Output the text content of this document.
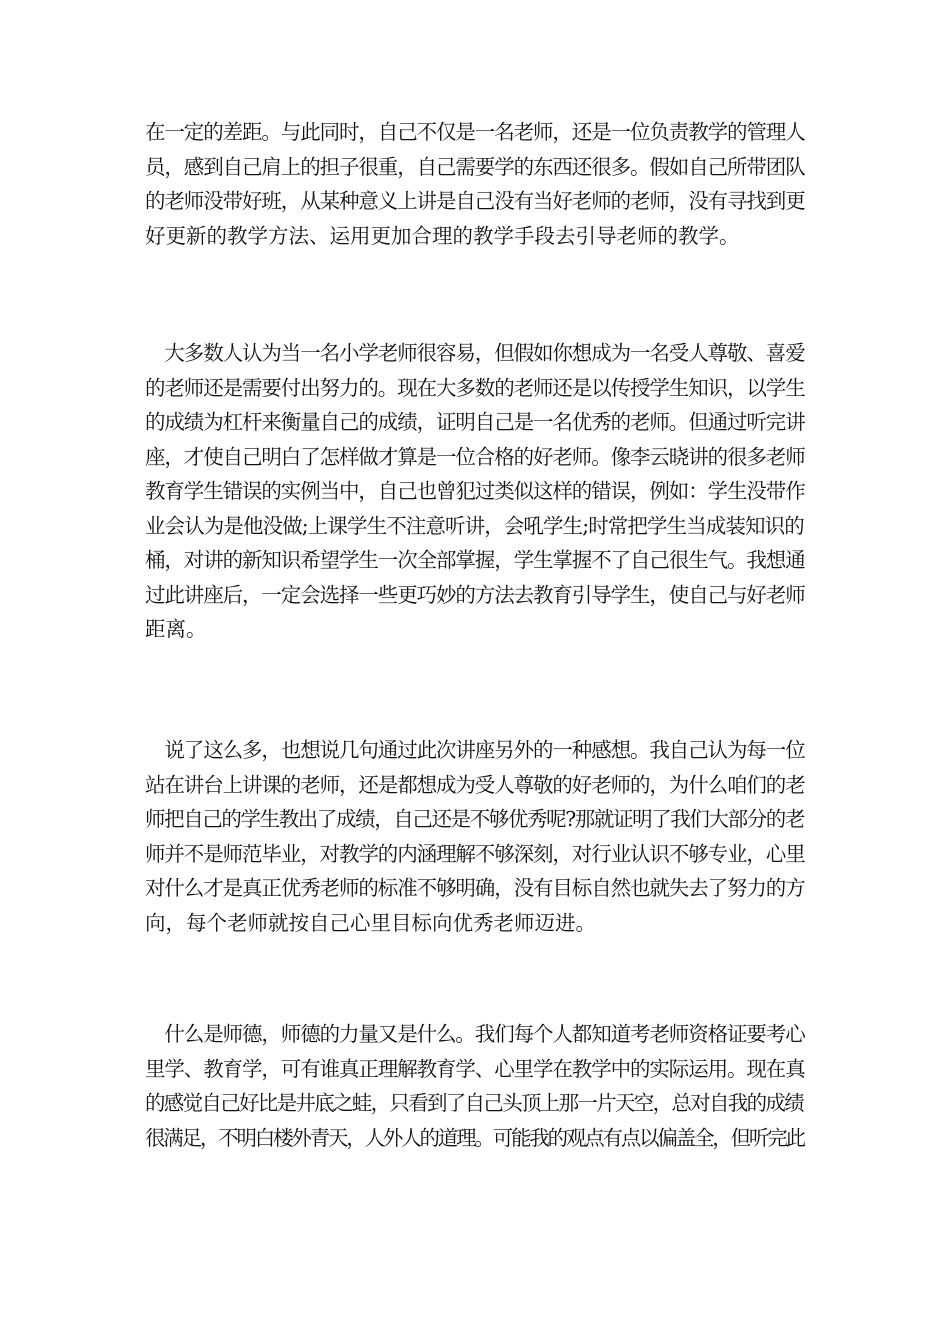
在一定的差距。与此同时，自己不仅是一名老师，还是一位负责教学的管理人
员，感到自己肩上的担子很重，自己需要学的东西还很多。假如自己所带团队
的老师没带好班，从某种意义上讲是自己没有当好老师的老师，没有寻找到更
好更新的教学方法、运用更加合理的教学手段去引导老师的教学。

　大多数人认为当一名小学老师很容易，但假如你想成为一名受人尊敬、喜爱
的老师还是需要付出努力的。现在大多数的老师还是以传授学生知识，以学生
的成绩为杠杆来衡量自己的成绩，证明自己是一名优秀的老师。但通过听完讲
座，才使自己明白了怎样做才算是一位合格的好老师。像李云晓讲的很多老师
教育学生错误的实例当中，自己也曾犯过类似这样的错误，例如：学生没带作
业会认为是他没做;上课学生不注意听讲，会吼学生;时常把学生当成装知识的
桶，对讲的新知识希望学生一次全部掌握，学生掌握不了自己很生气。我想通
过此讲座后，一定会选择一些更巧妙的方法去教育引导学生，使自己与好老师
距离。

　说了这么多，也想说几句通过此次讲座另外的一种感想。我自己认为每一位
站在讲台上讲课的老师，还是都想成为受人尊敬的好老师的，为什么咱们的老
师把自己的学生教出了成绩，自己还是不够优秀呢?那就证明了我们大部分的老
师并不是师范毕业，对教学的内涵理解不够深刻，对行业认识不够专业，心里
对什么才是真正优秀老师的标准不够明确，没有目标自然也就失去了努力的方
向，每个老师就按自己心里目标向优秀老师迈进。

　什么是师德，师德的力量又是什么。我们每个人都知道考老师资格证要考心
里学、教育学，可有谁真正理解教育学、心里学在教学中的实际运用。现在真
的感觉自己好比是井底之蛙，只看到了自己头顶上那一片天空，总对自我的成绩
很满足，不明白楼外青天，人外人的道理。可能我的观点有点以偏盖全，但听完此
